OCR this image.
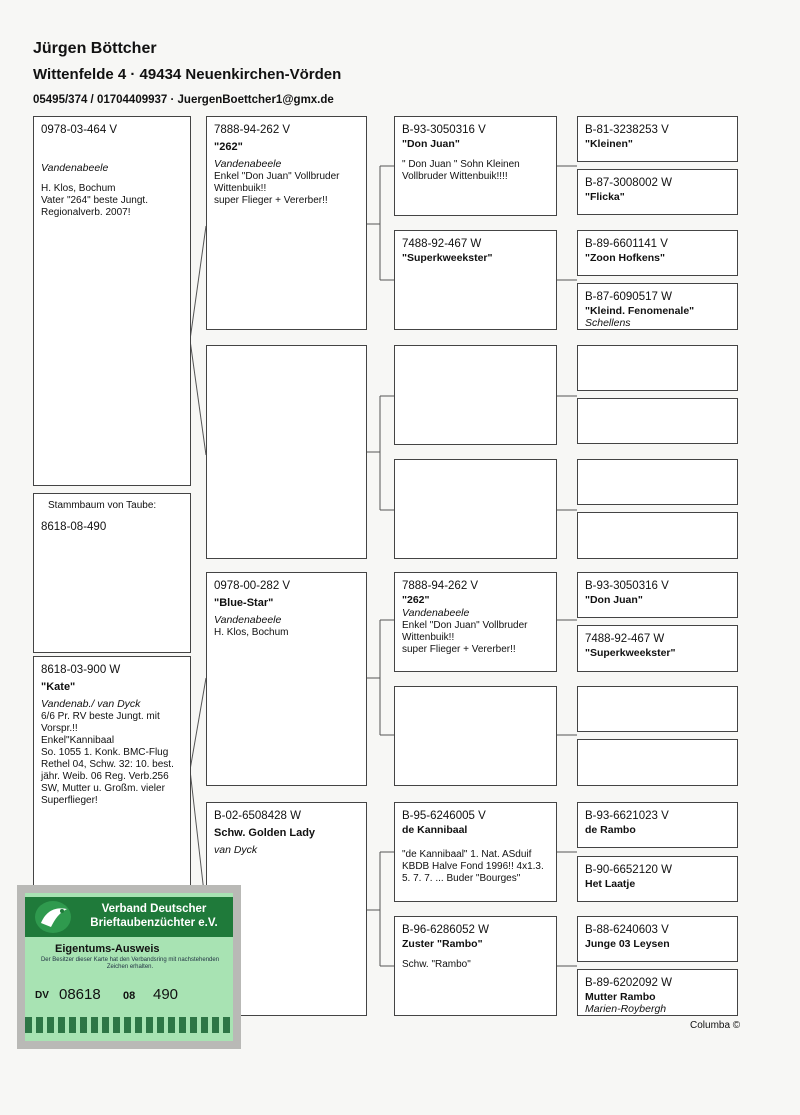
Jürgen Böttcher
Wittenfelde 4 · 49434 Neuenkirchen-Vörden
05495/374 / 01704409937 · JuergenBoettcher1@gmx.de
0978-03-464 V
Vandenabeele
H. Klos, Bochum
Vater "264" beste Jungt.
Regionalverb. 2007!
Stammbaum von Taube:
8618-08-490
8618-03-900 W
"Kate"
Vandenab./ van Dyck
6/6 Pr. RV beste Jungt. mit
Vorspr.!!
Enkel"Kannibaal
So. 1055 1. Konk. BMC-Flug
Rethel 04, Schw. 32: 10. best.
jähr. Weib. 06 Reg. Verb.256
SW, Mutter u. Großm. vieler
Superflieger!
7888-94-262 V
"262"
Vandenabeele
Enkel "Don Juan" Vollbruder
Wittenbuik!!
super Flieger + Vererber!!
0978-00-282 V
"Blue-Star"
Vandenabeele
H. Klos, Bochum
B-02-6508428 W
Schw. Golden Lady
van Dyck
B-93-3050316 V
"Don Juan"
" Don Juan " Sohn Kleinen
Vollbruder Wittenbuik!!!!
7488-92-467 W
"Superkweekster"
7888-94-262 V
"262"
Vandenabeele
Enkel "Don Juan" Vollbruder
Wittenbuik!!
super Flieger + Vererber!!
B-95-6246005 V
de Kannibaal
"de Kannibaal" 1. Nat. ASduif
KBDB Halve Fond 1996!! 4x1.3.
5. 7. 7. ... Buder "Bourges"
B-96-6286052 W
Zuster "Rambo"
Schw. "Rambo"
B-81-3238253 V
"Kleinen"
B-87-3008002 W
"Flicka"
B-89-6601141 V
"Zoon Hofkens"
B-87-6090517 W
"Kleind. Fenomenale"
Schellens
B-93-3050316 V
"Don Juan"
7488-92-467 W
"Superkweekster"
B-93-6621023 V
de Rambo
B-90-6652120 W
Het Laatje
B-88-6240603 V
Junge 03 Leysen
B-89-6202092 W
Mutter Rambo
Marien-Roybergh
Verband Deutscher
Brieftaubenzüchter e.V.
Eigentums-Ausweis
Der Besitzer dieser Karte hat den Verbandsring mit nachstehenden Zeichen erhalten.
DV 08618 08 490
Columba ©
